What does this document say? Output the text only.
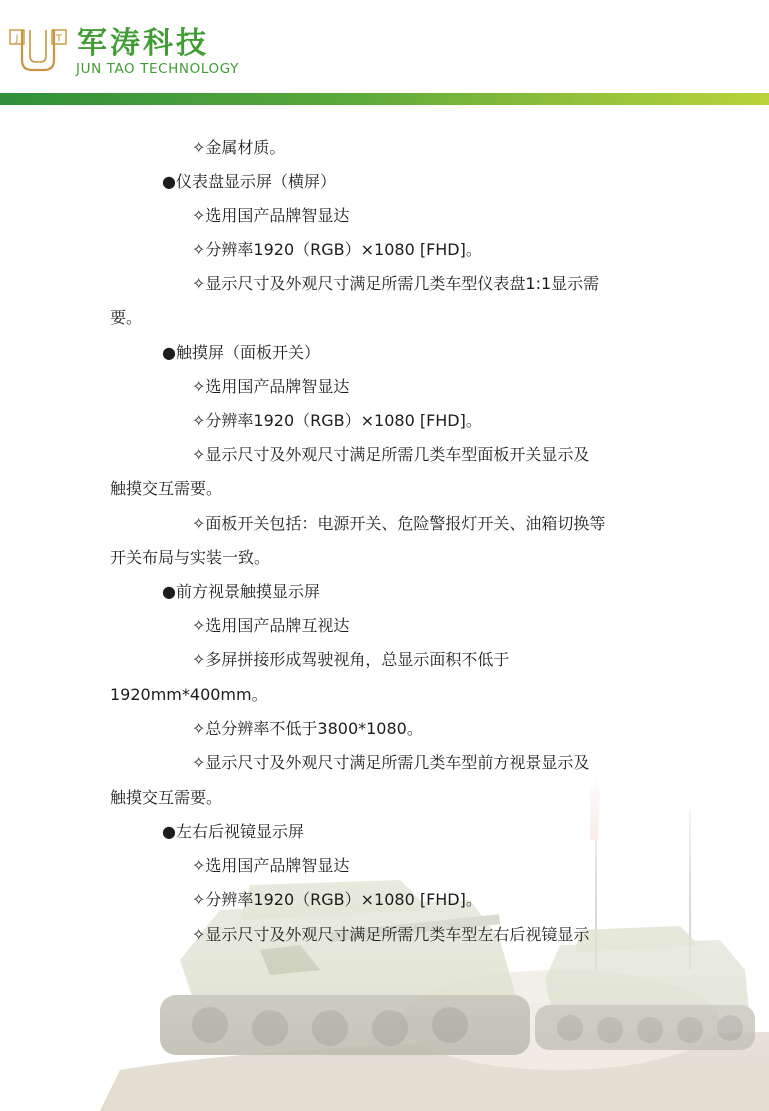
J	T 军涛科技
JUN TAO TECHNOLOGY
✧金属材质。
●仪表盘显示屏（横屏）
✧选用国产品牌智显达
✧分辨率1920（RGB）×1080 [FHD]。
✧显示尺寸及外观尺寸满足所需几类车型仪表盘1:1显示需
要。
●触摸屏（面板开关）
✧选用国产品牌智显达
✧分辨率1920（RGB）×1080 [FHD]。
✧显示尺寸及外观尺寸满足所需几类车型面板开关显示及
触摸交互需要。
✧面板开关包括：电源开关、危险警报灯开关、油箱切换等
开关布局与实装一致。
●前方视景触摸显示屏
✧选用国产品牌互视达
✧多屏拼接形成驾驶视角，总显示面积不低于
1920mm*400mm。
✧总分辨率不低于3800*1080。
✧显示尺寸及外观尺寸满足所需几类车型前方视景显示及
触摸交互需要。
●左右后视镜显示屏
✧选用国产品牌智显达
✧分辨率1920（RGB）×1080 [FHD]。
✧显示尺寸及外观尺寸满足所需几类车型左右后视镜显示
